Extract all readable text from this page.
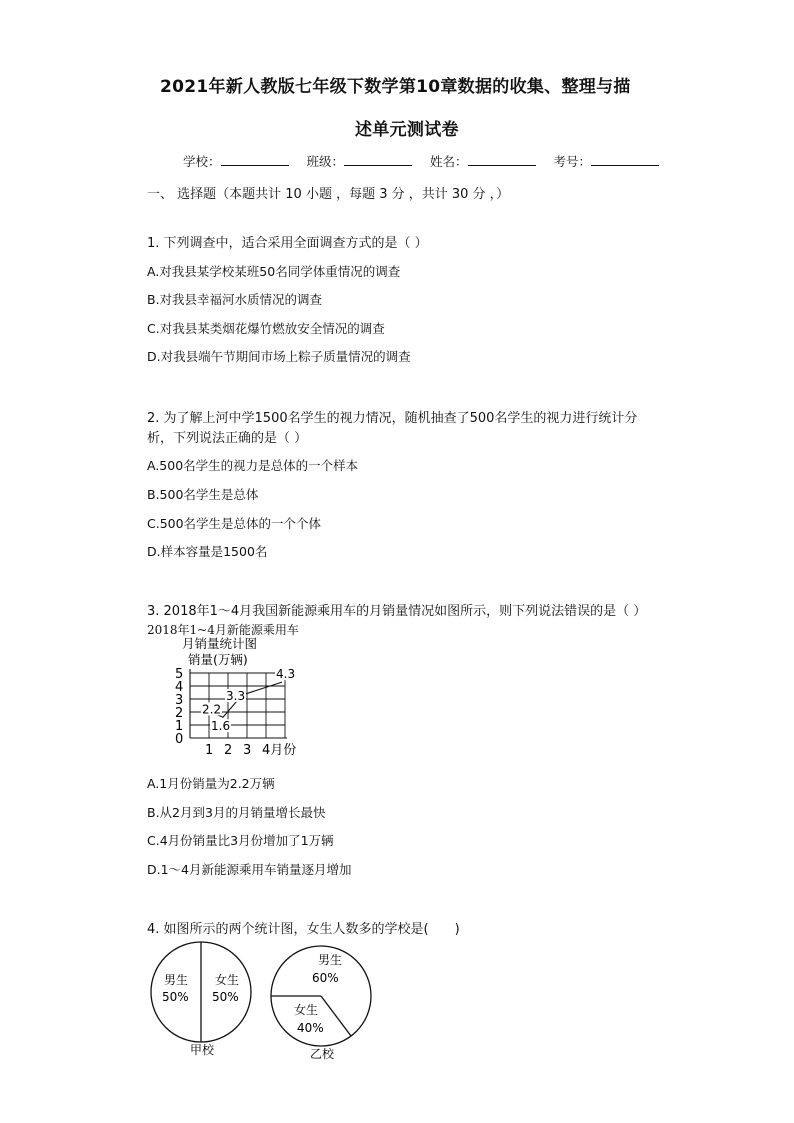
2021年新人教版七年级下数学第10章数据的收集、整理与描
述单元测试卷
学校：	班级：	姓名：	考号：
一、 选择题（本题共计 10 小题 ，每题 3 分 ，共计 30 分 ，）
1. 下列调查中，适合采用全面调查方式的是（ ）
A.对我县某学校某班50名同学体重情况的调查
B.对我县幸福河水质情况的调查
C.对我县某类烟花爆竹燃放安全情况的调查
D.对我县端午节期间市场上粽子质量情况的调查
2. 为了解上河中学1500名学生的视力情况，随机抽查了500名学生的视力进行统计分
析，下列说法正确的是（ ）
A.500名学生的视力是总体的一个样本
B.500名学生是总体
C.500名学生是总体的一个个体
D.样本容量是1500名
3. 2018年1～4月我国新能源乘用车的月销量情况如图所示，则下列说法错误的是（ ）
2018年1~4月新能源乘用车
月销量统计图
销量(万辆)
0
1
2
3
4
5
1 2 3 4月份
2.2
1.6
3.3
4.3
A.1月份销量为2.2万辆
B.从2月到3月的月销量增长最快
C.4月份销量比3月份增加了1万辆
D.1～4月新能源乘用车销量逐月增加
4. 如图所示的两个统计图，女生人数多的学校是(　　)
男生
50%
女生
50%
甲校
男生
60%
女生
40%
乙校
